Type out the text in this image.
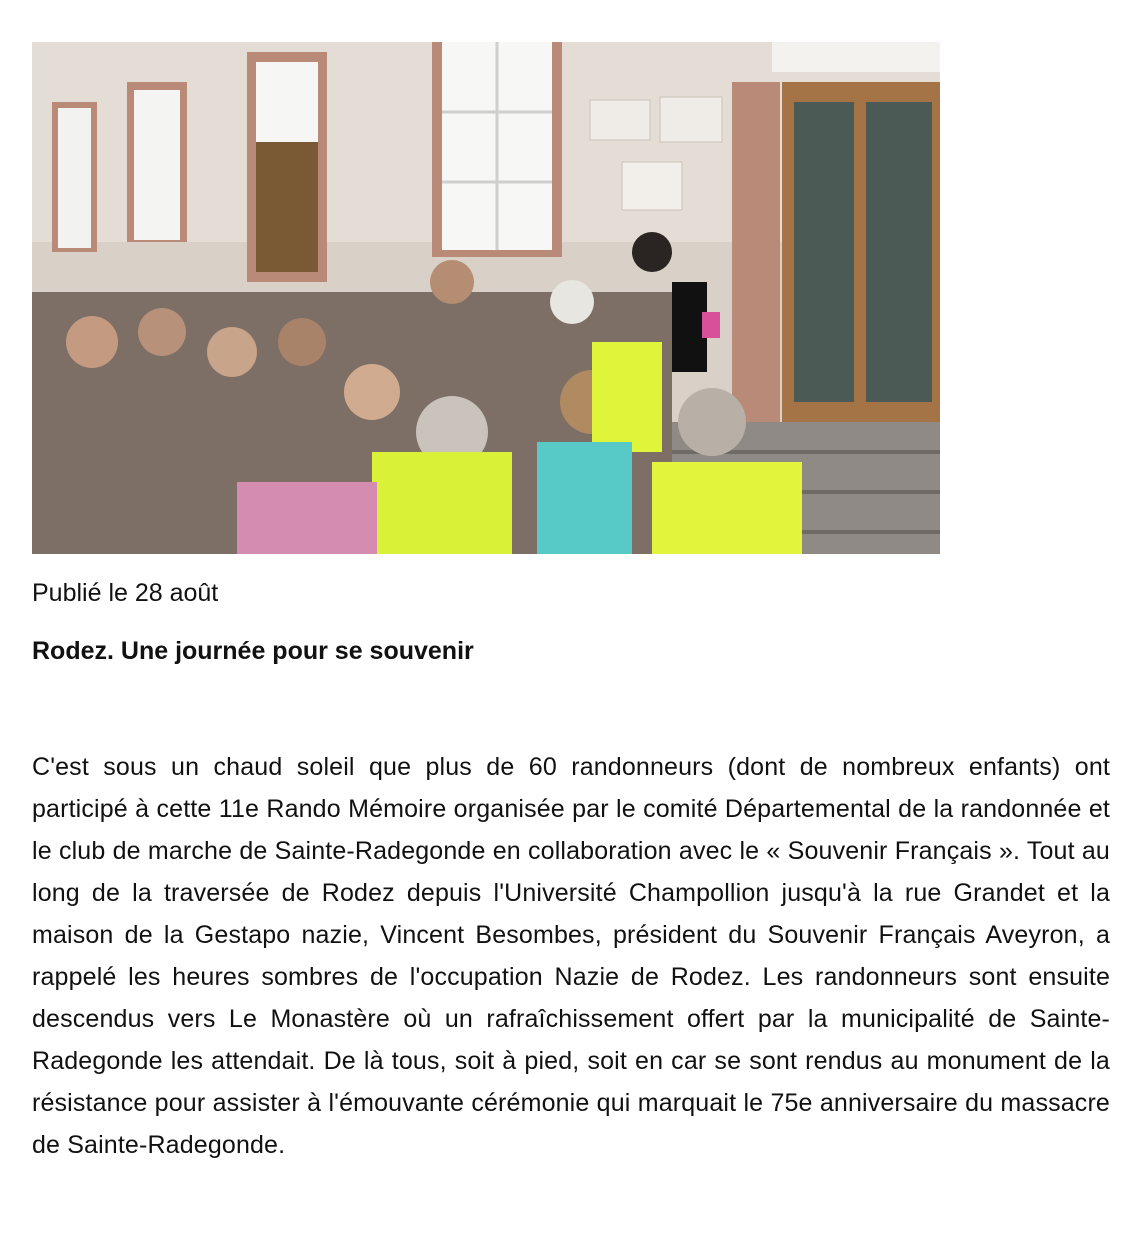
Publié le 28 août
Rodez. Une journée pour se souvenir
C'est sous un chaud soleil que plus de 60 randonneurs (dont de nombreux enfants) ont participé à cette 11e Rando Mémoire organisée par le comité Départemental de la randonnée et le club de marche de Sainte-Radegonde en collaboration avec le « Souvenir Français ». Tout au long de la traversée de Rodez depuis l'Université Champollion jusqu'à la rue Grandet et la maison de la Gestapo nazie, Vincent Besombes, président du Souvenir Français Aveyron, a rappelé les heures sombres de l'occupation Nazie de Rodez. Les randonneurs sont ensuite descendus vers Le Monastère où un rafraîchissement offert par la municipalité de Sainte-Radegonde les attendait. De là tous, soit à pied, soit en car se sont rendus au monument de la résistance pour assister à l'émouvante cérémonie qui marquait le 75e anniversaire du massacre de Sainte-Radegonde.
